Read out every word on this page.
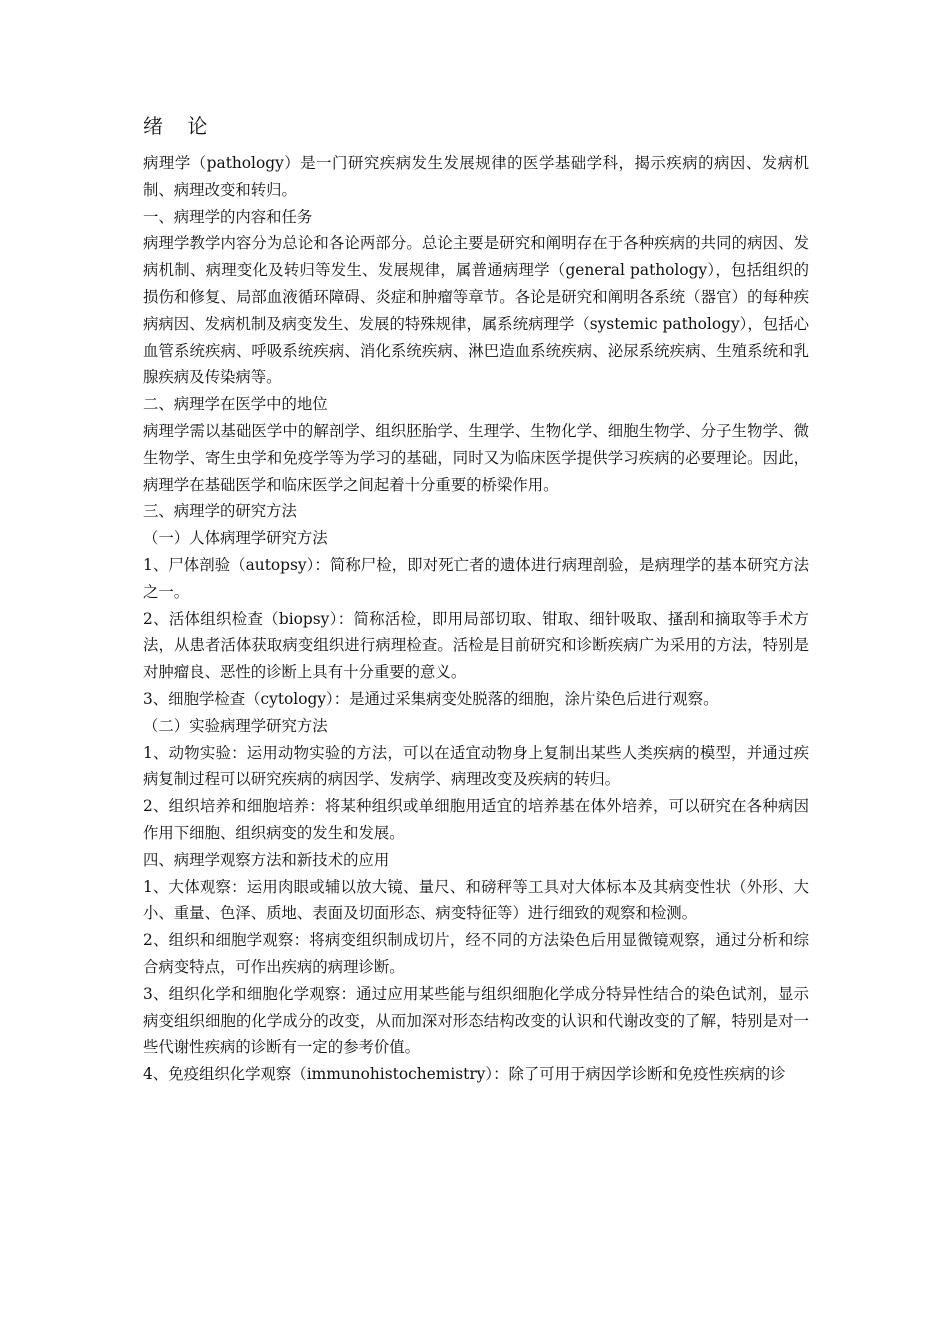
绪 论

病理学（pathology）是一门研究疾病发生发展规律的医学基础学科，揭示疾病的病因、发病机制、病理改变和转归。

一、病理学的内容和任务

病理学教学内容分为总论和各论两部分。总论主要是研究和阐明存在于各种疾病的共同的病因、发病机制、病理变化及转归等发生、发展规律，属普通病理学（general pathology），包括组织的损伤和修复、局部血液循环障碍、炎症和肿瘤等章节。各论是研究和阐明各系统（器官）的每种疾病病因、发病机制及病变发生、发展的特殊规律，属系统病理学（systemic pathology），包括心血管系统疾病、呼吸系统疾病、消化系统疾病、淋巴造血系统疾病、泌尿系统疾病、生殖系统和乳腺疾病及传染病等。

二、病理学在医学中的地位

病理学需以基础医学中的解剖学、组织胚胎学、生理学、生物化学、细胞生物学、分子生物学、微生物学、寄生虫学和免疫学等为学习的基础，同时又为临床医学提供学习疾病的必要理论。因此，病理学在基础医学和临床医学之间起着十分重要的桥梁作用。

三、病理学的研究方法

（一）人体病理学研究方法

1、尸体剖验（autopsy）：简称尸检，即对死亡者的遗体进行病理剖验，是病理学的基本研究方法之一。

2、活体组织检查（biopsy）：简称活检，即用局部切取、钳取、细针吸取、搔刮和摘取等手术方法，从患者活体获取病变组织进行病理检查。活检是目前研究和诊断疾病广为采用的方法，特别是对肿瘤良、恶性的诊断上具有十分重要的意义。

3、细胞学检查（cytology）：是通过采集病变处脱落的细胞，涂片染色后进行观察。

（二）实验病理学研究方法

1、动物实验：运用动物实验的方法，可以在适宜动物身上复制出某些人类疾病的模型，并通过疾病复制过程可以研究疾病的病因学、发病学、病理改变及疾病的转归。

2、组织培养和细胞培养：将某种组织或单细胞用适宜的培养基在体外培养，可以研究在各种病因作用下细胞、组织病变的发生和发展。

四、病理学观察方法和新技术的应用

1、大体观察：运用肉眼或辅以放大镜、量尺、和磅秤等工具对大体标本及其病变性状（外形、大小、重量、色泽、质地、表面及切面形态、病变特征等）进行细致的观察和检测。

2、组织和细胞学观察：将病变组织制成切片，经不同的方法染色后用显微镜观察，通过分析和综合病变特点，可作出疾病的病理诊断。

3、组织化学和细胞化学观察：通过应用某些能与组织细胞化学成分特异性结合的染色试剂，显示病变组织细胞的化学成分的改变，从而加深对形态结构改变的认识和代谢改变的了解，特别是对一些代谢性疾病的诊断有一定的参考价值。

4、免疫组织化学观察（immunohistochemistry）：除了可用于病因学诊断和免疫性疾病的诊
